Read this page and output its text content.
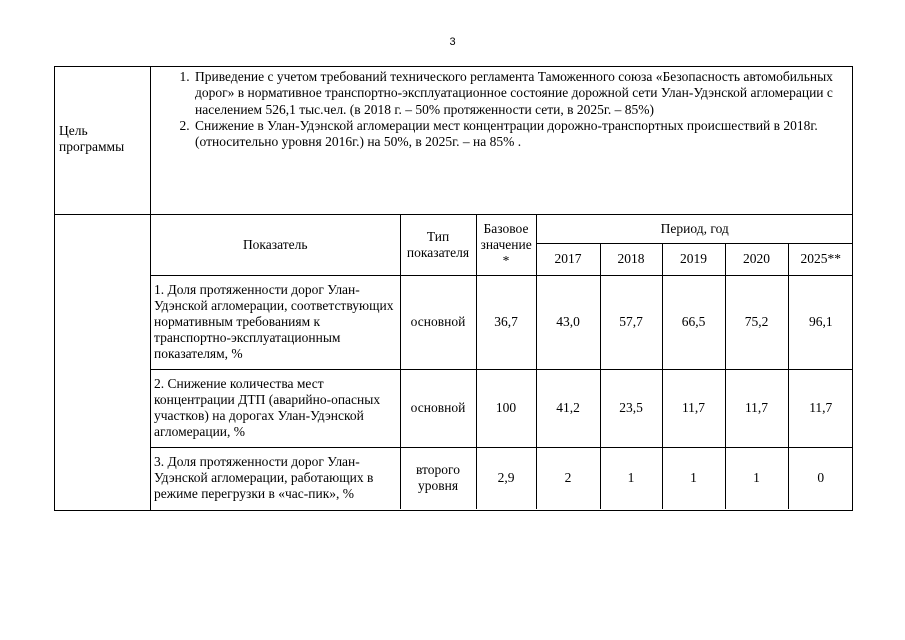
3
Цель программы

1. Приведение с учетом требований технического регламента Таможенного союза «Безопасность автомобильных дорог» в нормативное транспортно-эксплуатационное состояние дорожной сети Улан-Удэнской агломерации с населением 526,1 тыс.чел. (в 2018 г. – 50% протяженности сети, в 2025г. – 85%)
2. Снижение в Улан-Удэнской агломерации мест концентрации дорожно-транспортных происшествий в 2018г. (относительно уровня 2016г.) на 50%, в 2025г. – на 85% .

Показатель	Тип показателя	Базовое значение *	Период, год
2017	2018	2019	2020	2025**
1. Доля протяженности дорог Улан-Удэнской агломерации, соответствующих нормативным требованиям к транспортно-эксплуатационным показателям, %	основной	36,7	43,0	57,7	66,5	75,2	96,1
2. Снижение количества мест концентрации ДТП (аварийно-опасных участков) на дорогах Улан-Удэнской агломерации, %	основной	100	41,2	23,5	11,7	11,7	11,7
3. Доля протяженности дорог Улан-Удэнской агломерации, работающих в режиме перегрузки в «час-пик», %	второго уровня	2,9	2	1	1	1	0
